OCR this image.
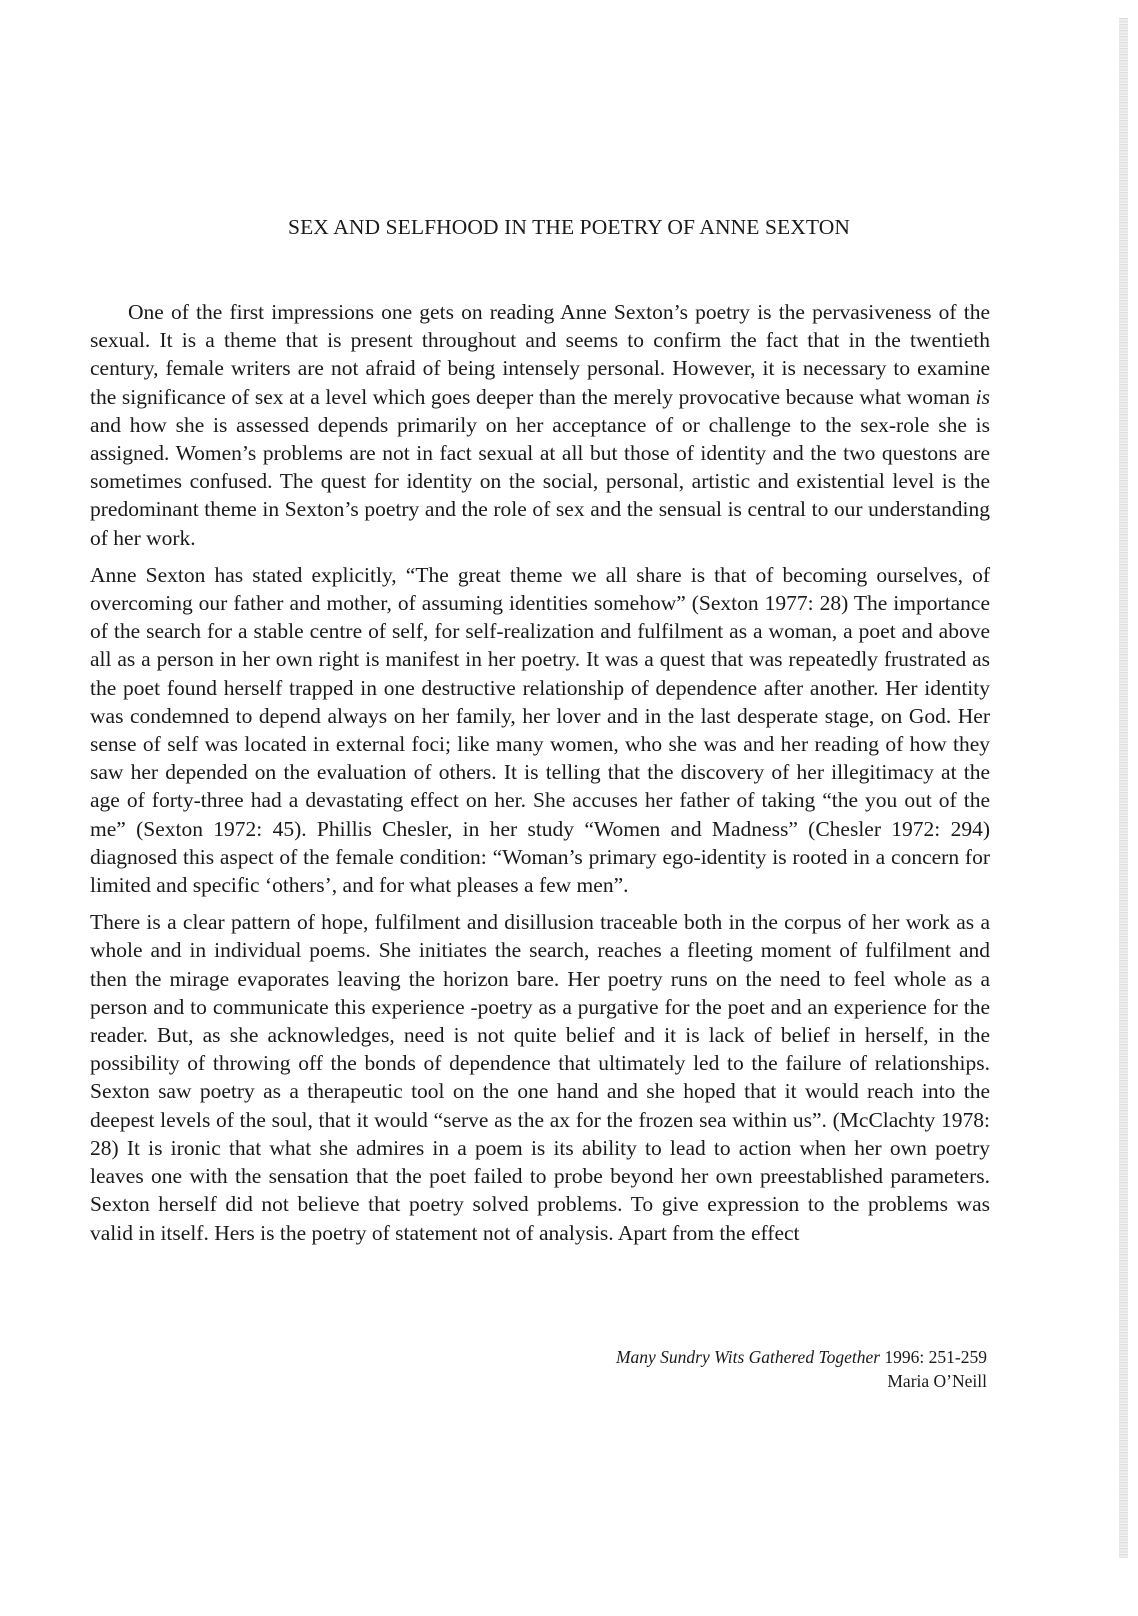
SEX AND SELFHOOD IN THE POETRY OF ANNE SEXTON

One of the first impressions one gets on reading Anne Sexton’s poetry is the pervasiveness of the sexual. It is a theme that is present throughout and seems to confirm the fact that in the twentieth century, female writers are not afraid of being intensely personal. However, it is necessary to examine the significance of sex at a level which goes deeper than the merely provocative because what woman is and how she is assessed depends primarily on her acceptance of or challenge to the sex-role she is assigned. Women’s problems are not in fact sexual at all but those of identity and the two questons are sometimes confused. The quest for identity on the social, personal, artistic and existential level is the predominant theme in Sexton’s poetry and the role of sex and the sensual is central to our understanding of her work.

Anne Sexton has stated explicitly, “The great theme we all share is that of becoming ourselves, of overcoming our father and mother, of assuming identities somehow” (Sexton 1977: 28) The importance of the search for a stable centre of self, for self-realization and fulfilment as a woman, a poet and above all as a person in her own right is manifest in her poetry. It was a quest that was repeatedly frustrated as the poet found herself trapped in one destructive relationship of dependence after another. Her identity was condemned to depend always on her family, her lover and in the last desperate stage, on God. Her sense of self was located in external foci; like many women, who she was and her reading of how they saw her depended on the evaluation of others. It is telling that the discovery of her illegitimacy at the age of forty-three had a devastating effect on her. She accuses her father of taking “the you out of the me” (Sexton 1972: 45). Phillis Chesler, in her study “Women and Madness” (Chesler 1972: 294) diagnosed this aspect of the female condition: “Woman’s primary ego-identity is rooted in a concern for limited and specific ‘others’, and for what pleases a few men”.

There is a clear pattern of hope, fulfilment and disillusion traceable both in the corpus of her work as a whole and in individual poems. She initiates the search, reaches a fleeting moment of fulfilment and then the mirage evaporates leaving the horizon bare. Her poetry runs on the need to feel whole as a person and to communicate this experience -poetry as a purgative for the poet and an experience for the reader. But, as she acknowledges, need is not quite belief and it is lack of belief in herself, in the possibility of throwing off the bonds of dependence that ultimately led to the failure of relationships. Sexton saw poetry as a therapeutic tool on the one hand and she hoped that it would reach into the deepest levels of the soul, that it would “serve as the ax for the frozen sea within us”. (McClachty 1978: 28) It is ironic that what she admires in a poem is its ability to lead to action when her own poetry leaves one with the sensation that the poet failed to probe beyond her own preestablished parameters. Sexton herself did not believe that poetry solved problems. To give expression to the problems was valid in itself. Hers is the poetry of statement not of analysis. Apart from the effect

Many Sundry Wits Gathered Together 1996: 251-259
Maria O’Neill
